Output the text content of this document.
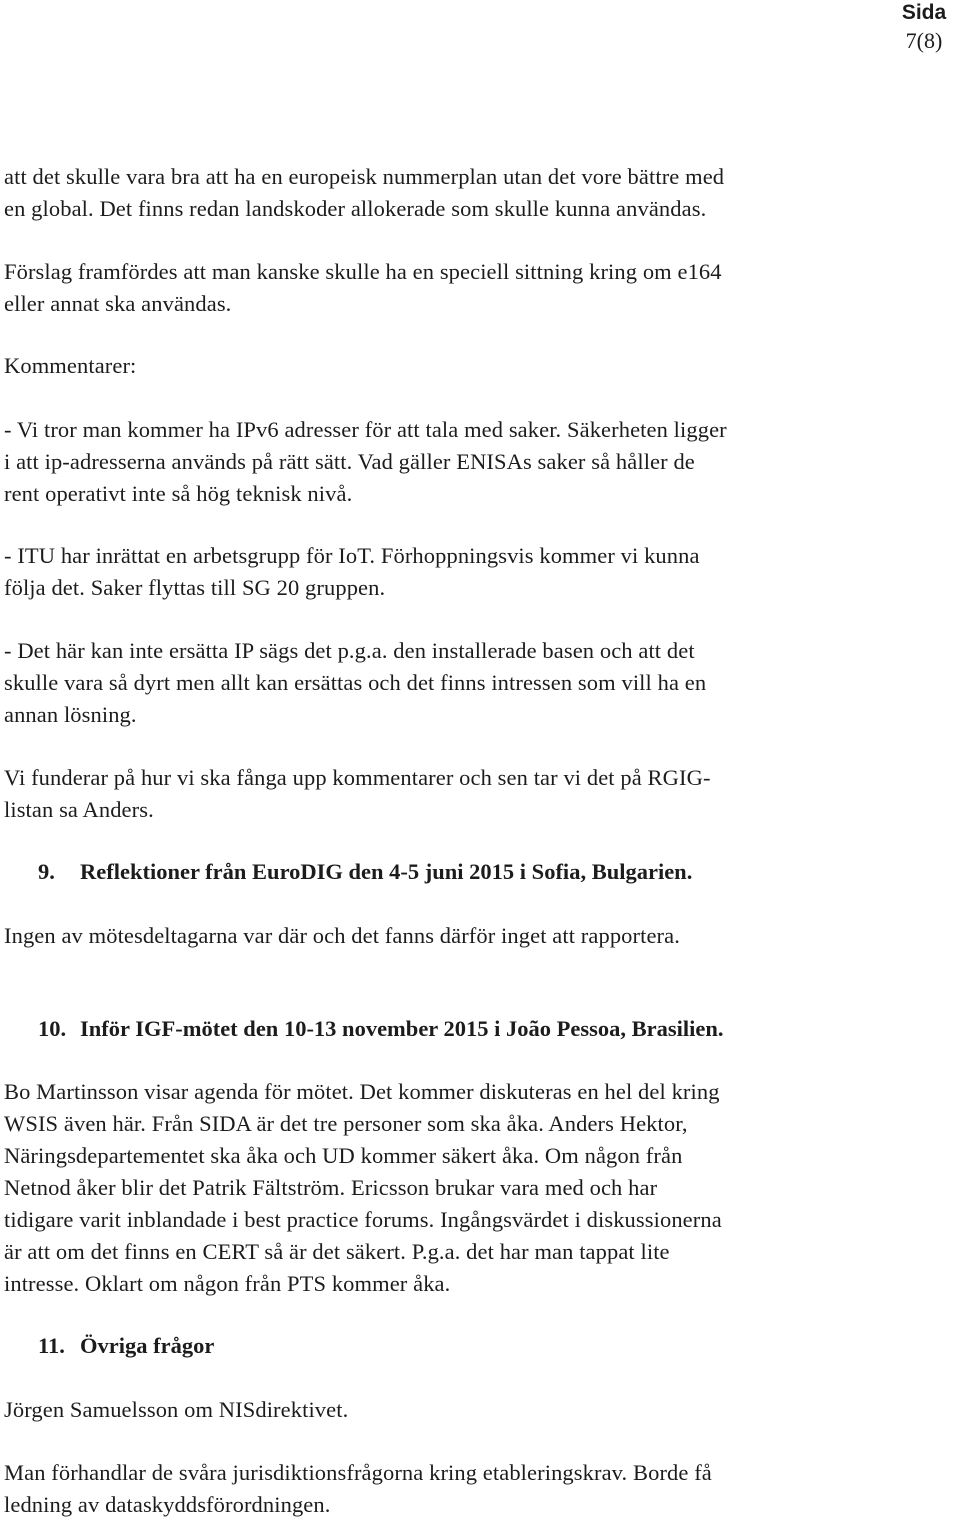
Sida
7(8)

att det skulle vara bra att ha en europeisk nummerplan utan det vore bättre med
en global. Det finns redan landskoder allokerade som skulle kunna användas.

Förslag framfördes att man kanske skulle ha en speciell sittning kring om e164
eller annat ska användas.

Kommentarer:

- Vi tror man kommer ha IPv6 adresser för att tala med saker. Säkerheten ligger
i att ip-adresserna används på rätt sätt. Vad gäller ENISAs saker så håller de
rent operativt inte så hög teknisk nivå.

- ITU har inrättat en arbetsgrupp för IoT. Förhoppningsvis kommer vi kunna
följa det. Saker flyttas till SG 20 gruppen.

- Det här kan inte ersätta IP sägs det p.g.a. den installerade basen och att det
skulle vara så dyrt men allt kan ersättas och det finns intressen som vill ha en
annan lösning.

Vi funderar på hur vi ska fånga upp kommentarer och sen tar vi det på RGIG-
listan sa Anders.

9. Reflektioner från EuroDIG den 4-5 juni 2015 i Sofia, Bulgarien.

Ingen av mötesdeltagarna var där och det fanns därför inget att rapportera.

10. Inför IGF-mötet den 10-13 november 2015 i João Pessoa, Brasilien.

Bo Martinsson visar agenda för mötet. Det kommer diskuteras en hel del kring
WSIS även här. Från SIDA är det tre personer som ska åka. Anders Hektor,
Näringsdepartementet ska åka och UD kommer säkert åka. Om någon från
Netnod åker blir det Patrik Fältström. Ericsson brukar vara med och har
tidigare varit inblandade i best practice forums. Ingångsvärdet i diskussionerna
är att om det finns en CERT så är det säkert. P.g.a. det har man tappat lite
intresse. Oklart om någon från PTS kommer åka.

11. Övriga frågor

Jörgen Samuelsson om NISdirektivet.

Man förhandlar de svåra jurisdiktionsfrågorna kring etableringskrav. Borde få
ledning av dataskyddsförordningen.
